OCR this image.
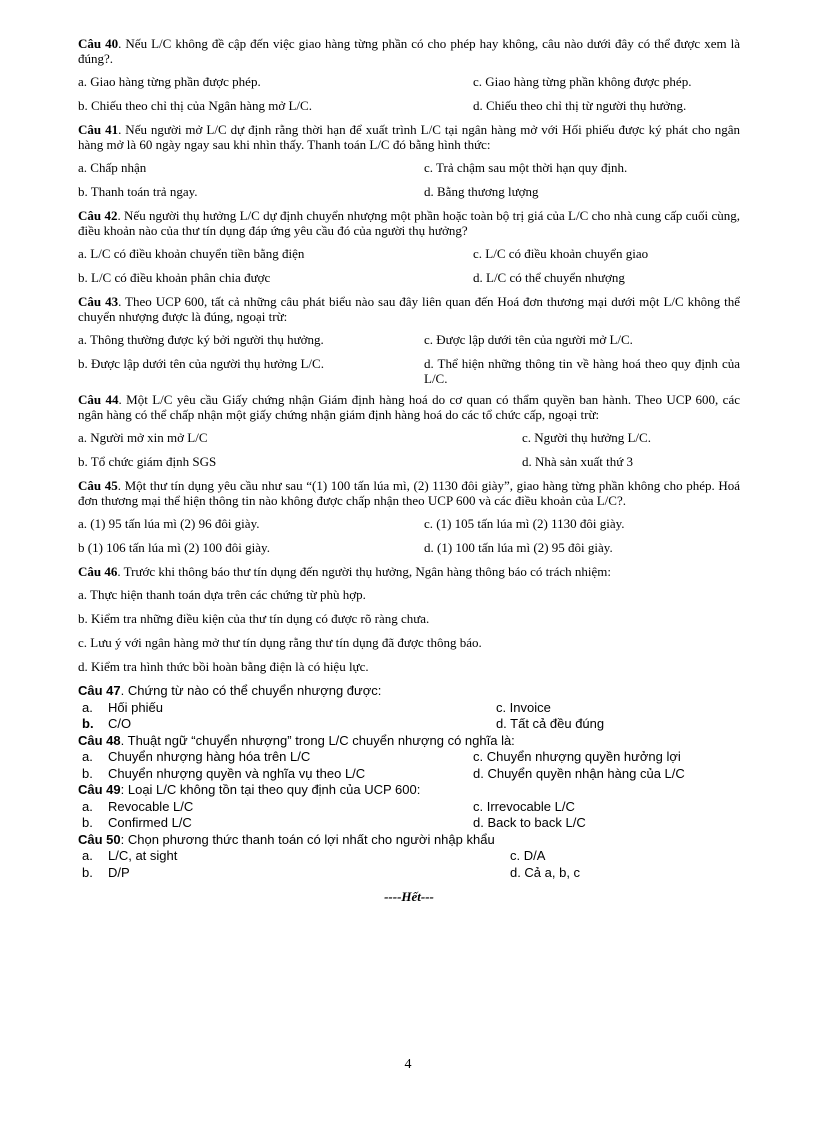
Câu 40. Nếu L/C không đề cập đến việc giao hàng từng phần có cho phép hay không, câu nào dưới đây có thể được xem là đúng?.

a. Giao hàng từng phần được phép.	c. Giao hàng từng phần không được phép.
b. Chiếu theo chỉ thị của Ngân hàng mở L/C.	d. Chiếu theo chỉ thị từ người thụ hưởng.

Câu 41. Nếu người mở L/C dự định rằng thời hạn để xuất trình L/C tại ngân hàng mở với Hối phiếu được ký phát cho ngân hàng mở là 60 ngày ngay sau khi nhìn thấy. Thanh toán L/C đó bằng hình thức:

a. Chấp nhận	c. Trả chậm sau một thời hạn quy định.
b. Thanh toán trả ngay.	d. Bằng thương lượng

Câu 42. Nếu người thụ hưởng L/C dự định chuyển nhượng một phần hoặc toàn bộ trị giá của L/C cho nhà cung cấp cuối cùng, điều khoản nào của thư tín dụng đáp ứng yêu cầu đó của người thụ hưởng?

a. L/C có điều khoản chuyển tiền bằng điện	c. L/C có điều khoản chuyển giao
b. L/C có điều khoản phân chia được	d. L/C có thể chuyển nhượng

Câu 43. Theo UCP 600, tất cả những câu phát biểu nào sau đây liên quan đến Hoá đơn thương mại dưới một L/C không thể chuyển nhượng được là đúng, ngoại trừ:

a. Thông thường được ký bởi người thụ hưởng.	c. Được lập dưới tên của người mở L/C.
b. Được lập dưới tên của người thụ hưởng L/C.	d. Thể hiện những thông tin về hàng hoá theo quy định của L/C.

Câu 44. Một L/C yêu cầu Giấy chứng nhận Giám định hàng hoá do cơ quan có thẩm quyền ban hành. Theo UCP 600, các ngân hàng có thể chấp nhận một giấy chứng nhận giám định hàng hoá do các tổ chức cấp, ngoại trừ:

a. Người mở xin mở L/C	c. Người thụ hưởng L/C.
b. Tổ chức giám định SGS	d. Nhà sản xuất thứ 3

Câu 45. Một thư tín dụng yêu cầu như sau “(1) 100 tấn lúa mì, (2) 1130 đôi giày”, giao hàng từng phần không cho phép. Hoá đơn thương mại thể hiện thông tin nào không được chấp nhận theo UCP 600 và các điều khoản của L/C?.

a. (1) 95 tấn lúa mì (2) 96 đôi giày.	c. (1) 105 tấn lúa mì (2) 1130 đôi giày.
b (1) 106 tấn lúa mì (2) 100 đôi giày.	d. (1) 100 tấn lúa mì (2) 95 đôi giày.

Câu 46. Trước khi thông báo thư tín dụng đến người thụ hưởng, Ngân hàng thông báo có trách nhiệm:

a. Thực hiện thanh toán dựa trên các chứng từ phù hợp.
b. Kiểm tra những điều kiện của thư tín dụng có được rõ ràng chưa.
c. Lưu ý với ngân hàng mở thư tín dụng rằng thư tín dụng đã được thông báo.
d. Kiểm tra hình thức bồi hoàn bằng điện là có hiệu lực.

Câu 47. Chứng từ nào có thể chuyển nhượng được:

a.	Hối phiếu	c. Invoice
b.	C/O	d. Tất cả đều đúng

Câu 48. Thuật ngữ “chuyển nhượng” trong L/C chuyển nhượng có nghĩa là:

a.	Chuyển nhượng hàng hóa trên L/C	c. Chuyển nhượng quyền hưởng lợi
b.	Chuyển nhượng quyền và nghĩa vụ theo L/C	d. Chuyển quyền nhận hàng của L/C

Câu 49: Loại L/C không tồn tại theo quy định của UCP 600:

a.	Revocable L/C	c. Irrevocable L/C
b.	Confirmed L/C	d. Back to back L/C

Câu 50: Chọn phương thức thanh toán có lợi nhất cho người nhập khẩu

a.	L/C, at sight	c. D/A
b.	D/P	d. Cả a, b, c
----Hết---
4
